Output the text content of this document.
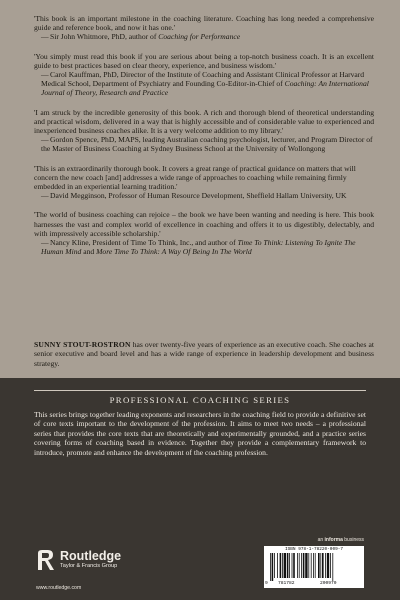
'This book is an important milestone in the coaching literature. Coaching has long needed a comprehensive guide and reference book, and now it has one.'

—Sir John Whitmore, PhD, author of Coaching for Performance

'You simply must read this book if you are serious about being a top-notch business coach. It is an excellent guide to best practices based on clear theory, experience, and business wisdom.'

—Carol Kauffman, PhD, Director of the Institute of Coaching and Assistant Clinical Professor at Harvard Medical School, Department of Psychiatry and Founding Co-Editor-in-Chief of Coaching: An International Journal of Theory, Research and Practice

'I am struck by the incredible generosity of this book. A rich and thorough blend of theoretical understanding and practical wisdom, delivered in a way that is highly accessible and of considerable value to experienced and inexperienced business coaches alike. It is a very welcome addition to my library.'

—Gordon Spence, PhD, MAPS, leading Australian coaching psychologist, lecturer, and Program Director of the Master of Business Coaching at Sydney Business School at the University of Wollongong

'This is an extraordinarily thorough book. It covers a great range of practical guidance on matters that will concern the new coach [and] addresses a wide range of approaches to coaching while remaining firmly embedded in an experiential learning tradition.'

—David Megginson, Professor of Human Resource Development, Sheffield Hallam University, UK

'The world of business coaching can rejoice – the book we have been wanting and needing is here. This book harnesses the vast and complex world of excellence in coaching and offers it to us digestibly, delectably, and with impressively accessible scholarship.'

—Nancy Kline, President of Time To Think, Inc., and author of Time To Think: Listening To Ignite The Human Mind and More Time To Think: A Way Of Being In The World

SUNNY STOUT-ROSTRON has over twenty-five years of experience as an executive coach. She coaches at senior executive and board level and has a wide range of experience in leadership development and business strategy.

PROFESSIONAL COACHING SERIES

This series brings together leading exponents and researchers in the coaching field to provide a definitive set of core texts important to the development of the profession. It aims to meet two needs – a professional series that provides the core texts that are theoretically and experimentally grounded, and a practice series covering forms of coaching based in evidence. Together they provide a complementary framework to introduce, promote and enhance the development of the coaching profession.

an informa business
Routledge
Taylor & Francis Group
www.routledge.com
ISBN 978-1-78220-009-7
9 781782	200970
